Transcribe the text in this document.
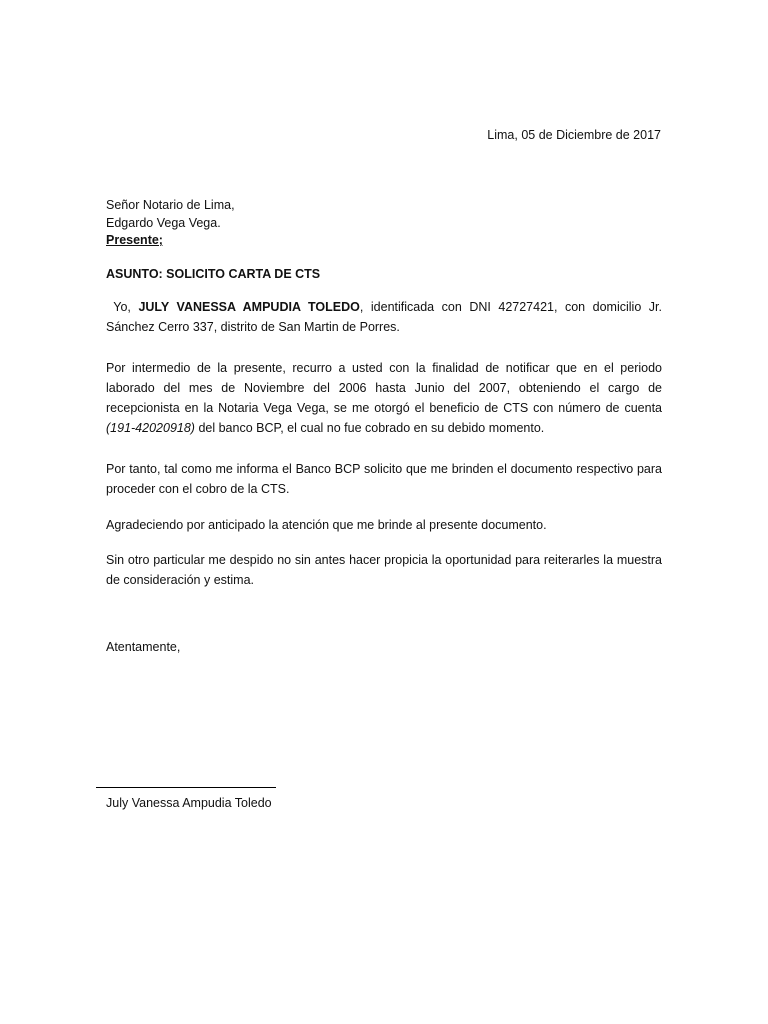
Lima, 05 de Diciembre de 2017
Señor Notario de Lima,
Edgardo Vega Vega.
Presente;
ASUNTO: SOLICITO CARTA DE CTS
Yo, JULY VANESSA AMPUDIA TOLEDO, identificada con DNI 42727421, con domicilio Jr. Sánchez Cerro 337, distrito de San Martin de Porres.
Por intermedio de la presente, recurro a usted con la finalidad de notificar que en el periodo laborado del mes de Noviembre del 2006 hasta Junio del 2007, obteniendo el cargo de recepcionista en la Notaria Vega Vega, se me otorgó el beneficio de CTS con número de cuenta (191-42020918) del banco BCP, el cual no fue cobrado en su debido momento.
Por tanto, tal como me informa el Banco BCP solicito que me brinden el documento respectivo para proceder con el cobro de la CTS.
Agradeciendo por anticipado la atención que me brinde al presente documento.
Sin otro particular me despido no sin antes hacer propicia la oportunidad para reiterarles la muestra de consideración y estima.
Atentamente,
July Vanessa Ampudia Toledo
